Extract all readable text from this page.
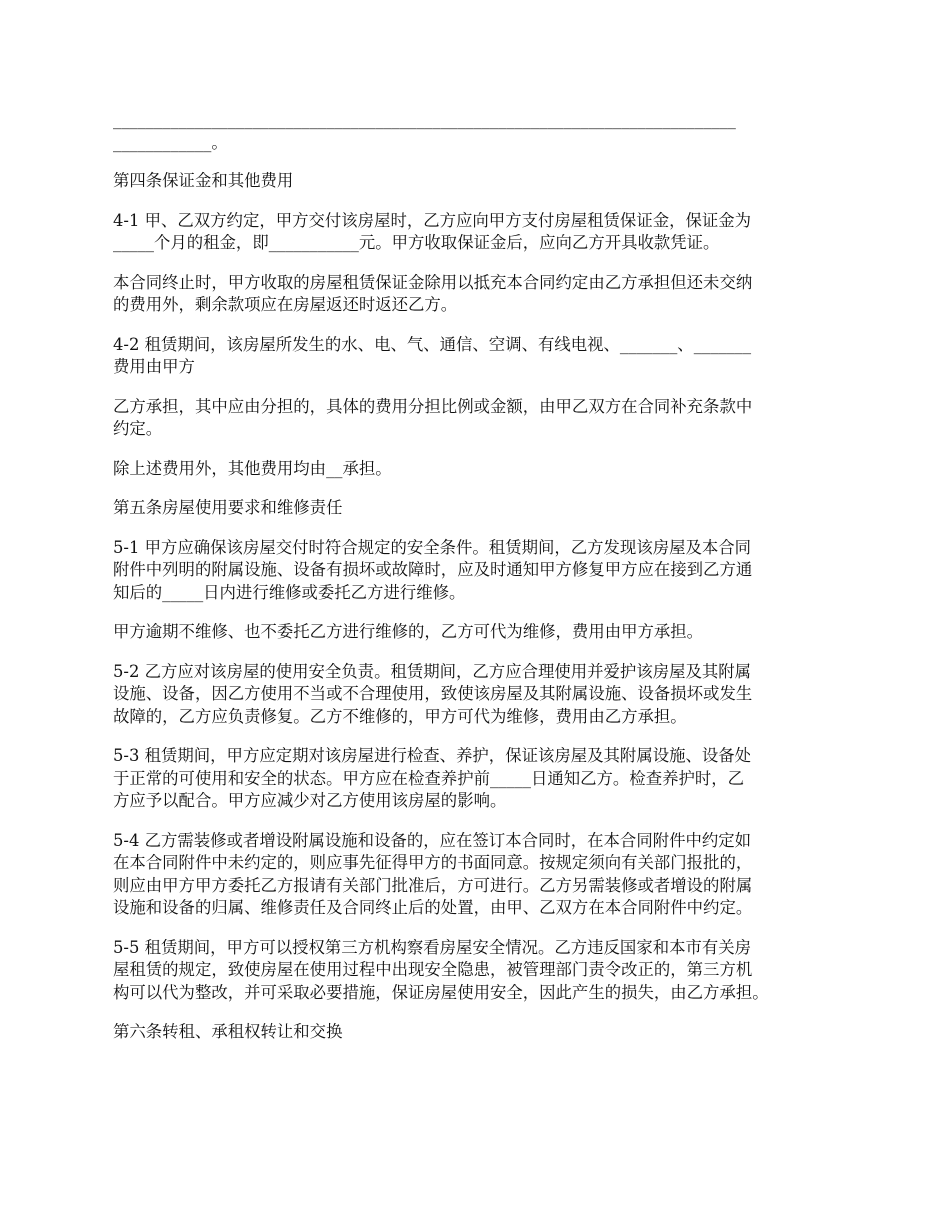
____________________________________________________________________________

____________。

第四条保证金和其他费用

4-1 甲、乙双方约定，甲方交付该房屋时，乙方应向甲方支付房屋租赁保证金，保证金为

_____个月的租金，即___________元。甲方收取保证金后，应向乙方开具收款凭证。

本合同终止时，甲方收取的房屋租赁保证金除用以抵充本合同约定由乙方承担但还未交纳

的费用外，剩余款项应在房屋返还时返还乙方。

4-2 租赁期间，该房屋所发生的水、电、气、通信、空调、有线电视、_______、_______

费用由甲方

乙方承担，其中应由分担的，具体的费用分担比例或金额，由甲乙双方在合同补充条款中

约定。

除上述费用外，其他费用均由__承担。

第五条房屋使用要求和维修责任

5-1 甲方应确保该房屋交付时符合规定的安全条件。租赁期间，乙方发现该房屋及本合同

附件中列明的附属设施、设备有损坏或故障时，应及时通知甲方修复甲方应在接到乙方通

知后的_____日内进行维修或委托乙方进行维修。

甲方逾期不维修、也不委托乙方进行维修的，乙方可代为维修，费用由甲方承担。

5-2 乙方应对该房屋的使用安全负责。租赁期间，乙方应合理使用并爱护该房屋及其附属

设施、设备，因乙方使用不当或不合理使用，致使该房屋及其附属设施、设备损坏或发生

故障的，乙方应负责修复。乙方不维修的，甲方可代为维修，费用由乙方承担。

5-3 租赁期间，甲方应定期对该房屋进行检查、养护，保证该房屋及其附属设施、设备处

于正常的可使用和安全的状态。甲方应在检查养护前_____日通知乙方。检查养护时，乙

方应予以配合。甲方应减少对乙方使用该房屋的影响。

5-4 乙方需装修或者增设附属设施和设备的，应在签订本合同时，在本合同附件中约定如

在本合同附件中未约定的，则应事先征得甲方的书面同意。按规定须向有关部门报批的，

则应由甲方甲方委托乙方报请有关部门批准后，方可进行。乙方另需装修或者增设的附属

设施和设备的归属、维修责任及合同终止后的处置，由甲、乙双方在本合同附件中约定。

5-5 租赁期间，甲方可以授权第三方机构察看房屋安全情况。乙方违反国家和本市有关房

屋租赁的规定，致使房屋在使用过程中出现安全隐患，被管理部门责令改正的，第三方机

构可以代为整改，并可采取必要措施，保证房屋使用安全，因此产生的损失，由乙方承担。

第六条转租、承租权转让和交换
